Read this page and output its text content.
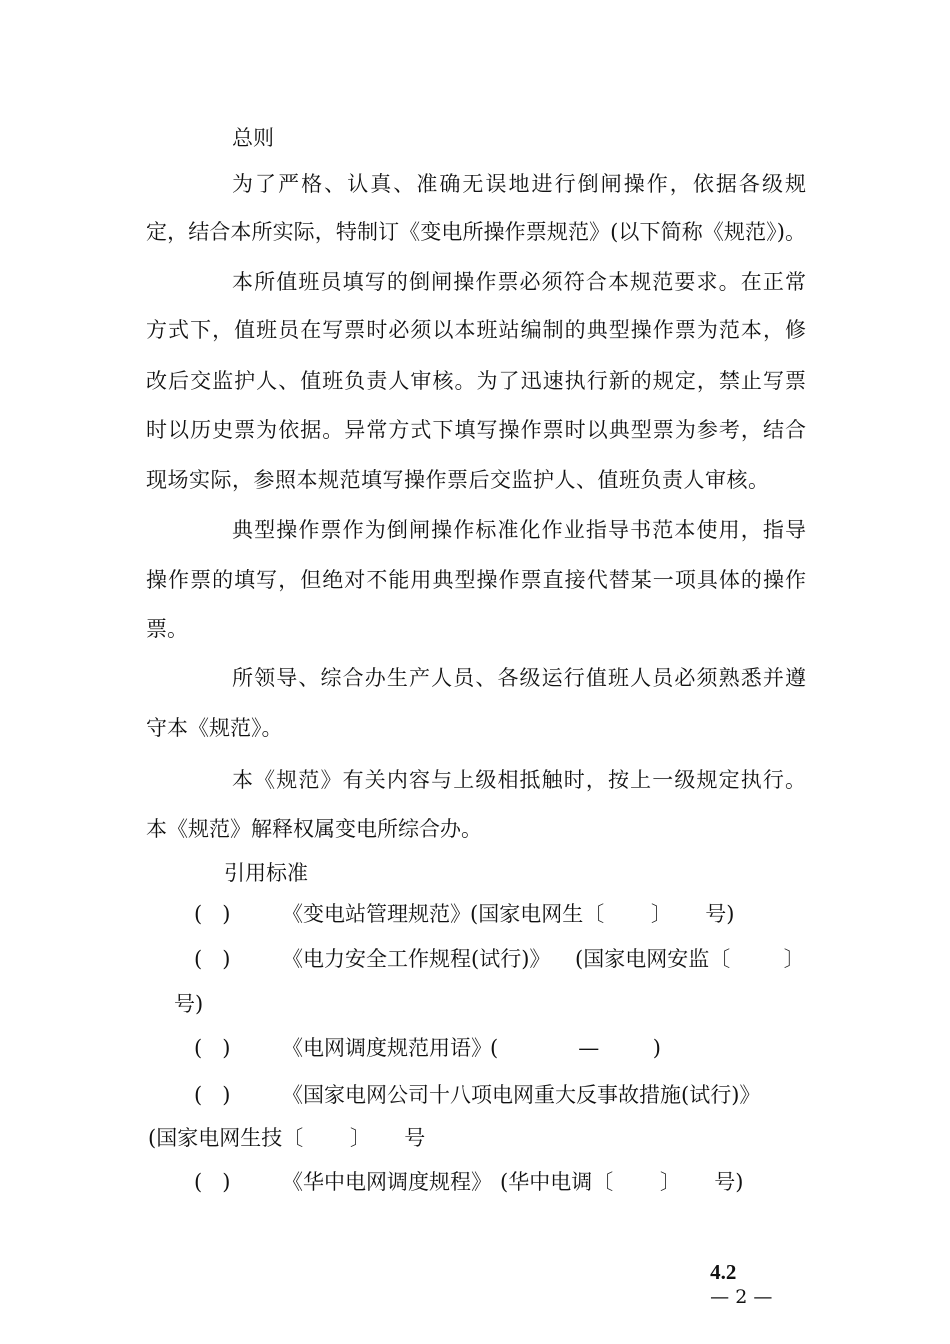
总则

为了严格、认真、准确无误地进行倒闸操作，依据各级规

定，结合本所实际，特制订《变电所操作票规范》(以下简称《规范》)。

本所值班员填写的倒闸操作票必须符合本规范要求。在正常

方式下，值班员在写票时必须以本班站编制的典型操作票为范本，修

改后交监护人、值班负责人审核。为了迅速执行新的规定，禁止写票

时以历史票为依据。异常方式下填写操作票时以典型票为参考，结合

现场实际，参照本规范填写操作票后交监护人、值班负责人审核。

典型操作票作为倒闸操作标准化作业指导书范本使用，指导

操作票的填写，但绝对不能用典型操作票直接代替某一项具体的操作

票。

所领导、综合办生产人员、各级运行值班人员必须熟悉并遵

守本《规范》。

本《规范》有关内容与上级相抵触时，按上一级规定执行。

本《规范》解释权属变电所综合办。

引用标准

(   ) 《变电站管理规范》 (国家电网生〔       〕     号)
(   ) 《电力安全工作规程(试行)》 (国家电网安监〔        〕
号)
(   ) 《电网调度规范用语》
(            —        )
(   ) 《国家电网公司十八项电网重大反事故措施(试行)》
(国家电网生技〔       〕     号
(   ) 《华中电网调度规程》 (华中电调〔       〕     号)

4.2
— 2 —
